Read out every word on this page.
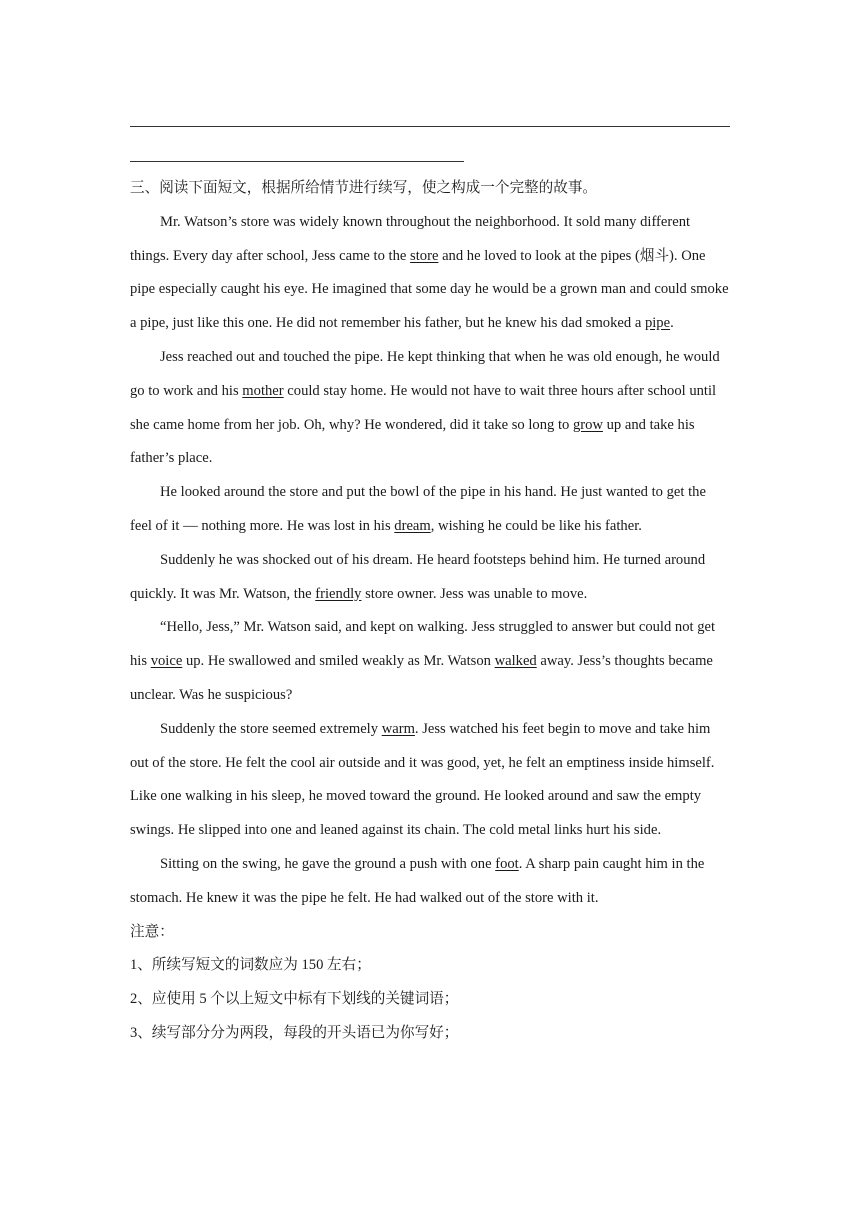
三、阅读下面短文，根据所给情节进行续写，使之构成一个完整的故事。

Mr. Watson’s store was widely known throughout the neighborhood. It sold many different things. Every day after school, Jess came to the store and he loved to look at the pipes (烟斗). One pipe especially caught his eye. He imagined that some day he would be a grown man and could smoke a pipe, just like this one. He did not remember his father, but he knew his dad smoked a pipe.

Jess reached out and touched the pipe. He kept thinking that when he was old enough, he would go to work and his mother could stay home. He would not have to wait three hours after school until she came home from her job. Oh, why? He wondered, did it take so long to grow up and take his father’s place.

He looked around the store and put the bowl of the pipe in his hand. He just wanted to get the feel of it — nothing more. He was lost in his dream, wishing he could be like his father.

Suddenly he was shocked out of his dream. He heard footsteps behind him. He turned around quickly. It was Mr. Watson, the friendly store owner. Jess was unable to move.

“Hello, Jess,” Mr. Watson said, and kept on walking. Jess struggled to answer but could not get his voice up. He swallowed and smiled weakly as Mr. Watson walked away. Jess’s thoughts became unclear. Was he suspicious?

Suddenly the store seemed extremely warm. Jess watched his feet begin to move and take him out of the store. He felt the cool air outside and it was good, yet, he felt an emptiness inside himself. Like one walking in his sleep, he moved toward the ground. He looked around and saw the empty swings. He slipped into one and leaned against its chain. The cold metal links hurt his side.

Sitting on the swing, he gave the ground a push with one foot. A sharp pain caught him in the stomach. He knew it was the pipe he felt. He had walked out of the store with it.

注意：

1、所续写短文的词数应为 150 左右；

2、应使用 5 个以上短文中标有下划线的关键词语；

3、续写部分分为两段，每段的开头语已为你写好；
